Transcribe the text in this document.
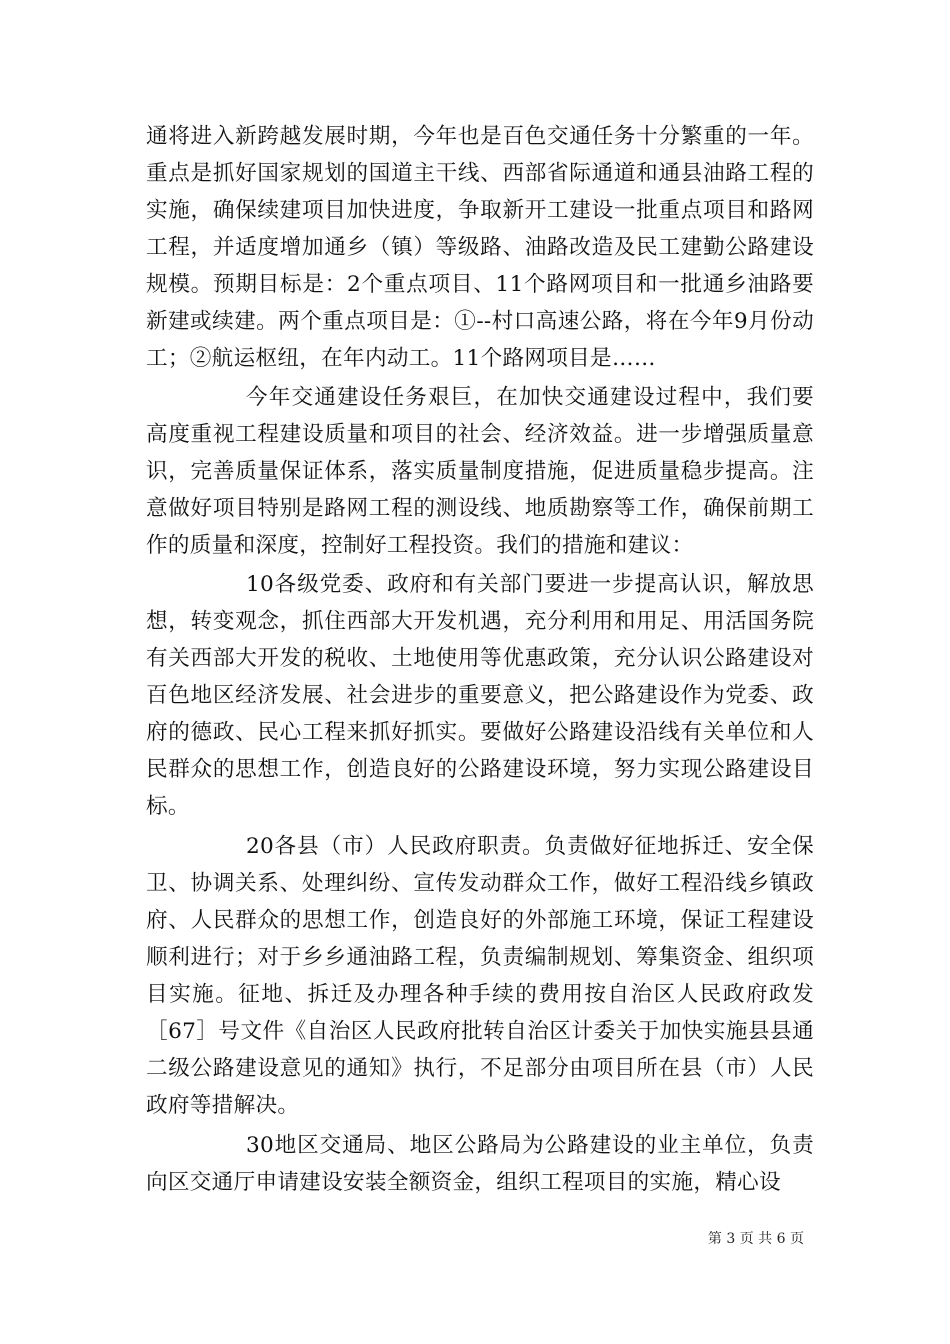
通将进入新跨越发展时期，今年也是百色交通任务十分繁重的一年。重点是抓好国家规划的国道主干线、西部省际通道和通县油路工程的实施，确保续建项目加快进度，争取新开工建设一批重点项目和路网工程，并适度增加通乡（镇）等级路、油路改造及民工建勤公路建设规模。预期目标是：2个重点项目、11个路网项目和一批通乡油路要新建或续建。两个重点项目是：①--村口高速公路，将在今年9月份动工；②航运枢纽，在年内动工。11个路网项目是……

今年交通建设任务艰巨，在加快交通建设过程中，我们要高度重视工程建设质量和项目的社会、经济效益。进一步增强质量意识，完善质量保证体系，落实质量制度措施，促进质量稳步提高。注意做好项目特别是路网工程的测设线、地质勘察等工作，确保前期工作的质量和深度，控制好工程投资。我们的措施和建议：

10各级党委、政府和有关部门要进一步提高认识，解放思想，转变观念，抓住西部大开发机遇，充分利用和用足、用活国务院有关西部大开发的税收、土地使用等优惠政策，充分认识公路建设对百色地区经济发展、社会进步的重要意义，把公路建设作为党委、政府的德政、民心工程来抓好抓实。要做好公路建设沿线有关单位和人民群众的思想工作，创造良好的公路建设环境，努力实现公路建设目标。

20各县（市）人民政府职责。负责做好征地拆迁、安全保卫、协调关系、处理纠纷、宣传发动群众工作，做好工程沿线乡镇政府、人民群众的思想工作，创造良好的外部施工环境，保证工程建设顺利进行；对于乡乡通油路工程，负责编制规划、筹集资金、组织项目实施。征地、拆迁及办理各种手续的费用按自治区人民政府政发［67］号文件《自治区人民政府批转自治区计委关于加快实施县县通二级公路建设意见的通知》执行，不足部分由项目所在县（市）人民政府等措解决。

30地区交通局、地区公路局为公路建设的业主单位，负责向区交通厅申请建设安装全额资金，组织工程项目的实施，精心设

第 3 页 共 6 页
